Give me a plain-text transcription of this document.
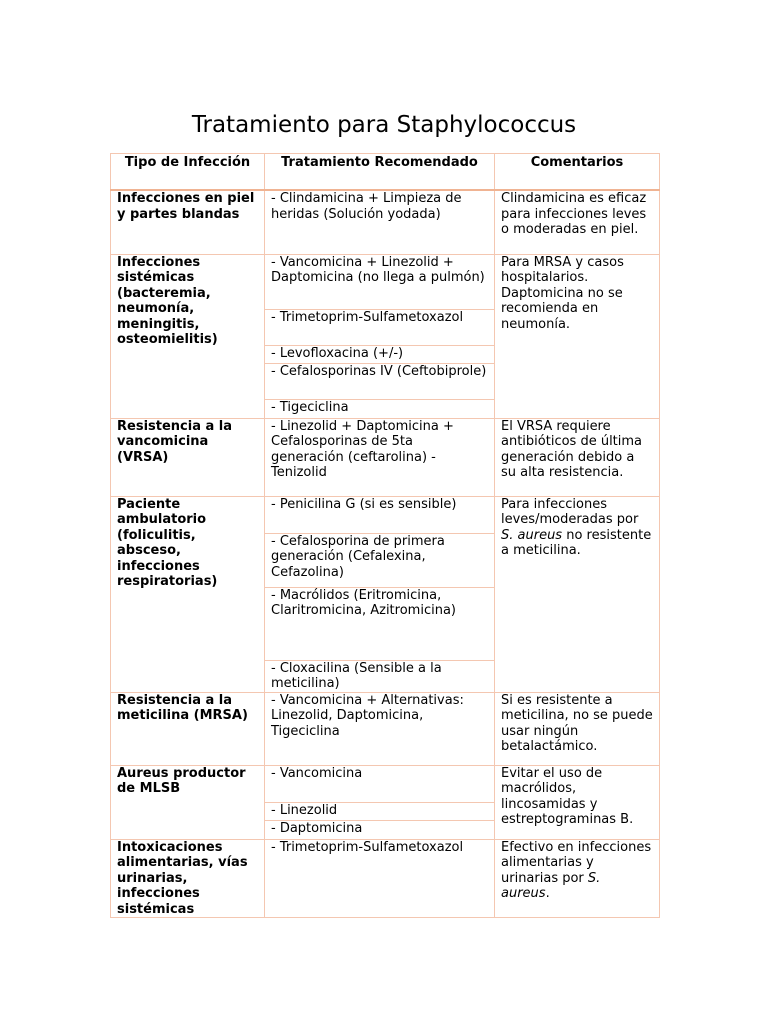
Tratamiento para Staphylococcus
Tipo de Infección	Tratamiento Recomendado	Comentarios
Infecciones en piel y partes blandas	- Clindamicina + Limpieza de heridas (Solución yodada)	Clindamicina es eficaz para infecciones leves o moderadas en piel.
Infecciones sistémicas (bacteremia, neumonía, meningitis, osteomielitis)	- Vancomicina + Linezolid + Daptomicina (no llega a pulmón)	Para MRSA y casos hospitalarios. Daptomicina no se recomienda en neumonía.
	- Trimetoprim-Sulfametoxazol	
	- Levofloxacina (+/-)	
	- Cefalosporinas IV (Ceftobiprole)	
	- Tigeciclina	
Resistencia a la vancomicina (VRSA)	- Linezolid + Daptomicina + Cefalosporinas de 5ta generación (ceftarolina) -Tenizolid	El VRSA requiere antibióticos de última generación debido a su alta resistencia.
Paciente ambulatorio (foliculitis, absceso, infecciones respiratorias)	- Penicilina G (si es sensible)	Para infecciones leves/moderadas por S. aureus no resistente a meticilina.
	- Cefalosporina de primera generación (Cefalexina, Cefazolina)	
	- Macrólidos (Eritromicina, Claritromicina, Azitromicina)	
	- Cloxacilina (Sensible a la meticilina)	
Resistencia a la meticilina (MRSA)	- Vancomicina + Alternativas: Linezolid, Daptomicina, Tigeciclina	Si es resistente a meticilina, no se puede usar ningún betalactámico.
Aureus productor de MLSB	- Vancomicina	Evitar el uso de macrólidos, lincosamidas y estreptograminas B.
	- Linezolid	
	- Daptomicina	
Intoxicaciones alimentarias, vías urinarias, infecciones sistémicas	- Trimetoprim-Sulfametoxazol	Efectivo en infecciones alimentarias y urinarias por S. aureus.
